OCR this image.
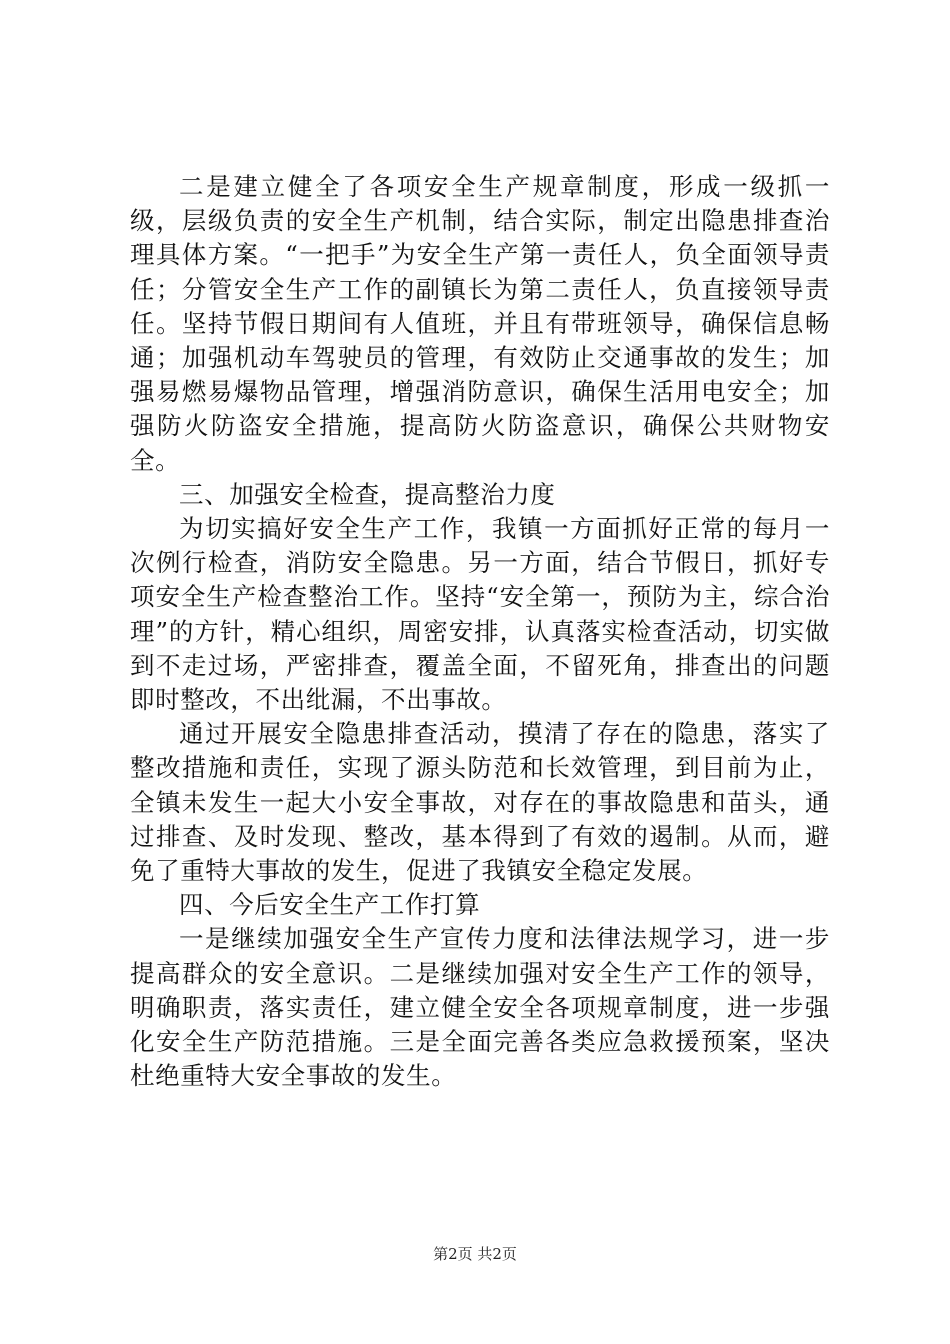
二是建立健全了各项安全生产规章制度，形成一级抓一级，层级负责的安全生产机制，结合实际，制定出隐患排查治理具体方案。“一把手”为安全生产第一责任人，负全面领导责任；分管安全生产工作的副镇长为第二责任人，负直接领导责任。坚持节假日期间有人值班，并且有带班领导，确保信息畅通；加强机动车驾驶员的管理，有效防止交通事故的发生；加强易燃易爆物品管理，增强消防意识，确保生活用电安全；加强防火防盗安全措施，提高防火防盗意识，确保公共财物安全。

三、加强安全检查，提高整治力度

为切实搞好安全生产工作，我镇一方面抓好正常的每月一次例行检查，消防安全隐患。另一方面，结合节假日，抓好专项安全生产检查整治工作。坚持“安全第一，预防为主，综合治理”的方针，精心组织，周密安排，认真落实检查活动，切实做到不走过场，严密排查，覆盖全面，不留死角，排查出的问题即时整改，不出纰漏，不出事故。

通过开展安全隐患排查活动，摸清了存在的隐患，落实了整改措施和责任，实现了源头防范和长效管理，到目前为止，全镇未发生一起大小安全事故，对存在的事故隐患和苗头，通过排查、及时发现、整改，基本得到了有效的遏制。从而，避免了重特大事故的发生，促进了我镇安全稳定发展。

四、今后安全生产工作打算

一是继续加强安全生产宣传力度和法律法规学习，进一步提高群众的安全意识。二是继续加强对安全生产工作的领导，明确职责，落实责任，建立健全安全各项规章制度，进一步强化安全生产防范措施。三是全面完善各类应急救援预案，坚决杜绝重特大安全事故的发生。

第2页 共2页
